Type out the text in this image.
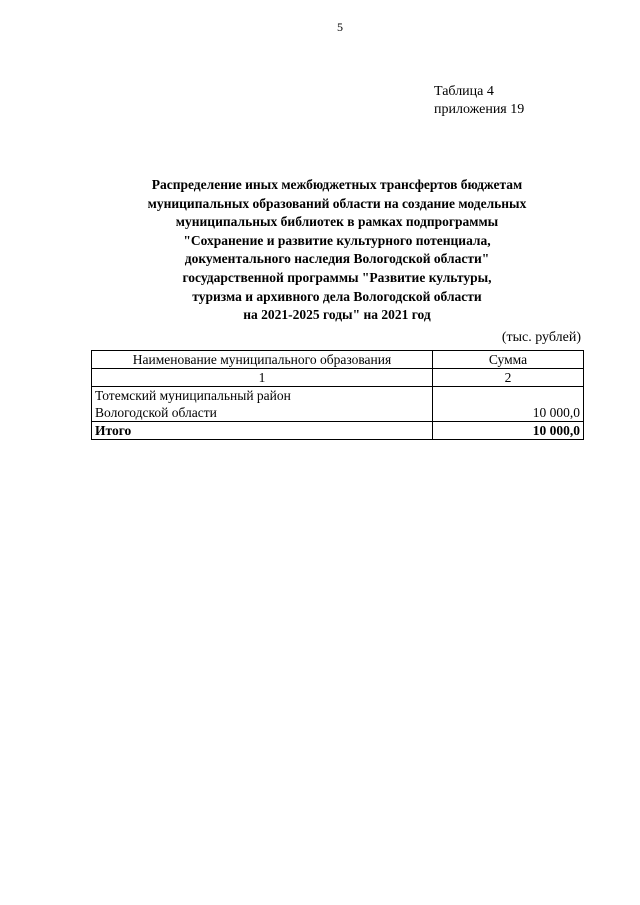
5
Таблица 4
приложения 19
Распределение иных межбюджетных трансфертов бюджетам
муниципальных образований области на создание модельных
муниципальных библиотек в рамках подпрограммы
"Сохранение и развитие культурного потенциала,
документального наследия Вологодской области"
государственной программы "Развитие культуры,
туризма и архивного дела Вологодской области
на 2021-2025 годы" на 2021 год
(тыс. рублей)
Наименование муниципального образования	Сумма
1	2

Тотемский муниципальный район
Вологодской области	10 000,0
Итого	10 000,0
